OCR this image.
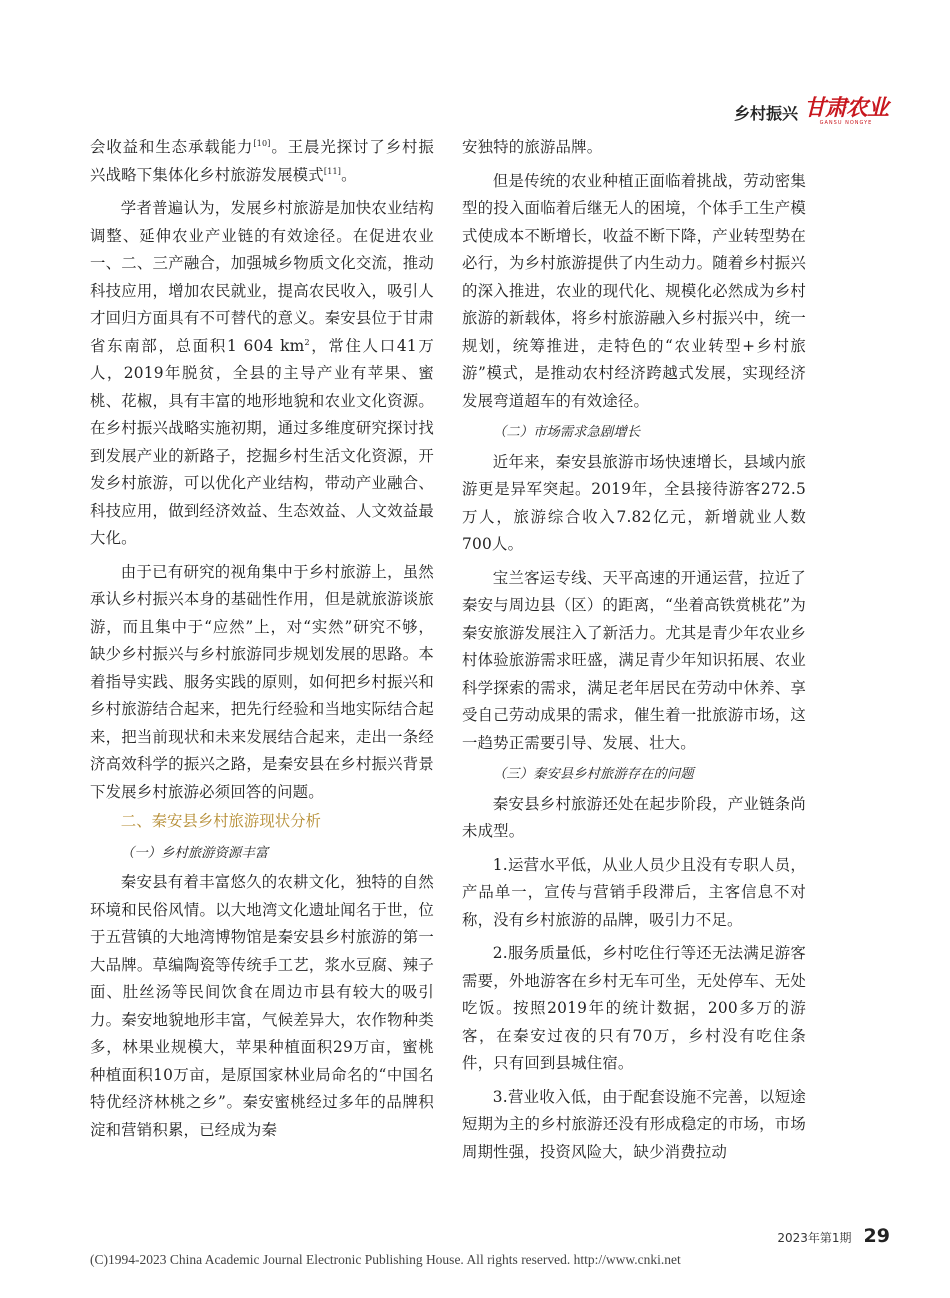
乡村振兴 甘肃农业
GANSU NONGYE

会收益和生态承载能力[10]。王晨光探讨了乡村振兴战略下集体化乡村旅游发展模式[11]。

学者普遍认为，发展乡村旅游是加快农业结构调整、延伸农业产业链的有效途径。在促进农业一、二、三产融合，加强城乡物质文化交流，推动科技应用，增加农民就业，提高农民收入，吸引人才回归方面具有不可替代的意义。秦安县位于甘肃省东南部，总面积1 604 $km^2$，常住人口41万人，2019年脱贫，全县的主导产业有苹果、蜜桃、花椒，具有丰富的地形地貌和农业文化资源。在乡村振兴战略实施初期，通过多维度研究探讨找到发展产业的新路子，挖掘乡村生活文化资源，开发乡村旅游，可以优化产业结构，带动产业融合、科技应用，做到经济效益、生态效益、人文效益最大化。

由于已有研究的视角集中于乡村旅游上，虽然承认乡村振兴本身的基础性作用，但是就旅游谈旅游，而且集中于“应然”上，对“实然”研究不够，缺少乡村振兴与乡村旅游同步规划发展的思路。本着指导实践、服务实践的原则，如何把乡村振兴和乡村旅游结合起来，把先行经验和当地实际结合起来，把当前现状和未来发展结合起来，走出一条经济高效科学的振兴之路，是秦安县在乡村振兴背景下发展乡村旅游必须回答的问题。

二、秦安县乡村旅游现状分析
（一）乡村旅游资源丰富

秦安县有着丰富悠久的农耕文化，独特的自然环境和民俗风情。以大地湾文化遗址闻名于世，位于五营镇的大地湾博物馆是秦安县乡村旅游的第一大品牌。草编陶瓷等传统手工艺，浆水豆腐、辣子面、肚丝汤等民间饮食在周边市县有较大的吸引力。秦安地貌地形丰富，气候差异大，农作物种类多，林果业规模大，苹果种植面积29万亩，蜜桃种植面积10万亩，是原国家林业局命名的“中国名特优经济林桃之乡”。秦安蜜桃经过多年的品牌积淀和营销积累，已经成为秦

安独特的旅游品牌。

但是传统的农业种植正面临着挑战，劳动密集型的投入面临着后继无人的困境，个体手工生产模式使成本不断增长，收益不断下降，产业转型势在必行，为乡村旅游提供了内生动力。随着乡村振兴的深入推进，农业的现代化、规模化必然成为乡村旅游的新载体，将乡村旅游融入乡村振兴中，统一规划，统筹推进，走特色的“农业转型+乡村旅游”模式，是推动农村经济跨越式发展，实现经济发展弯道超车的有效途径。

（二）市场需求急剧增长

近年来，秦安县旅游市场快速增长，县域内旅游更是异军突起。2019年，全县接待游客272.5万人，旅游综合收入7.82亿元，新增就业人数700人。

宝兰客运专线、天平高速的开通运营，拉近了秦安与周边县（区）的距离，“坐着高铁赏桃花”为秦安旅游发展注入了新活力。尤其是青少年农业乡村体验旅游需求旺盛，满足青少年知识拓展、农业科学探索的需求，满足老年居民在劳动中休养、享受自己劳动成果的需求，催生着一批旅游市场，这一趋势正需要引导、发展、壮大。

（三）秦安县乡村旅游存在的问题

秦安县乡村旅游还处在起步阶段，产业链条尚未成型。

1.运营水平低，从业人员少且没有专职人员，产品单一，宣传与营销手段滞后，主客信息不对称，没有乡村旅游的品牌，吸引力不足。

2.服务质量低，乡村吃住行等还无法满足游客需要，外地游客在乡村无车可坐，无处停车、无处吃饭。按照2019年的统计数据，200多万的游客，在秦安过夜的只有70万，乡村没有吃住条件，只有回到县城住宿。

3.营业收入低，由于配套设施不完善，以短途短期为主的乡村旅游还没有形成稳定的市场，市场周期性强，投资风险大，缺少消费拉动

2023年第1期 29
(C)1994-2023 China Academic Journal Electronic Publishing House. All rights reserved. http://www.cnki.net
